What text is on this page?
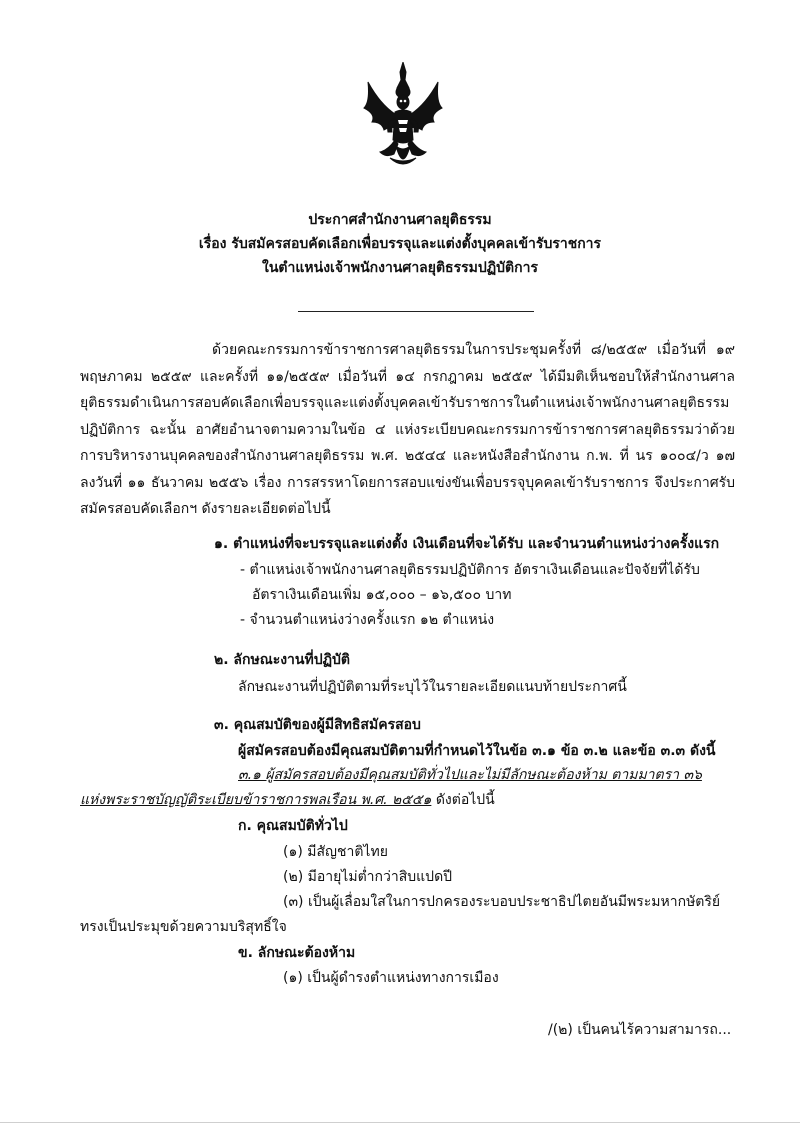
ประกาศสำนักงานศาลยุติธรรม
เรื่อง รับสมัครสอบคัดเลือกเพื่อบรรจุและแต่งตั้งบุคคลเข้ารับราชการ
ในตำแหน่งเจ้าพนักงานศาลยุติธรรมปฏิบัติการ
ด้วยคณะกรรมการข้าราชการศาลยุติธรรมในการประชุมครั้งที่ ๘/๒๕๕๙ เมื่อวันที่ ๑๙ พฤษภาคม ๒๕๕๙ และครั้งที่ ๑๑/๒๕๕๙ เมื่อวันที่ ๑๔ กรกฎาคม ๒๕๕๙ ได้มีมติเห็นชอบให้สำนักงานศาลยุติธรรมดำเนินการสอบคัดเลือกเพื่อบรรจุและแต่งตั้งบุคคลเข้ารับราชการในตำแหน่งเจ้าพนักงานศาลยุติธรรมปฏิบัติการ ฉะนั้น อาศัยอำนาจตามความในข้อ ๔ แห่งระเบียบคณะกรรมการข้าราชการศาลยุติธรรมว่าด้วยการบริหารงานบุคคลของสำนักงานศาลยุติธรรม พ.ศ. ๒๕๔๔ และหนังสือสำนักงาน ก.พ. ที่ นร ๑๐๐๔/ว ๑๗ ลงวันที่ ๑๑ ธันวาคม ๒๕๕๖ เรื่อง การสรรหาโดยการสอบแข่งขันเพื่อบรรจุบุคคลเข้ารับราชการ จึงประกาศรับสมัครสอบคัดเลือกฯ ดังรายละเอียดต่อไปนี้
๑. ตำแหน่งที่จะบรรจุและแต่งตั้ง เงินเดือนที่จะได้รับ และจำนวนตำแหน่งว่างครั้งแรก
- ตำแหน่งเจ้าพนักงานศาลยุติธรรมปฏิบัติการ อัตราเงินเดือนและปัจจัยที่ได้รับ
อัตราเงินเดือนเพิ่ม ๑๕,๐๐๐ – ๑๖,๕๐๐ บาท
- จำนวนตำแหน่งว่างครั้งแรก ๑๒ ตำแหน่ง
๒. ลักษณะงานที่ปฏิบัติ
ลักษณะงานที่ปฏิบัติตามที่ระบุไว้ในรายละเอียดแนบท้ายประกาศนี้
๓. คุณสมบัติของผู้มีสิทธิสมัครสอบ
ผู้สมัครสอบต้องมีคุณสมบัติตามที่กำหนดไว้ในข้อ ๓.๑ ข้อ ๓.๒ และข้อ ๓.๓ ดังนี้
๓.๑ ผู้สมัครสอบต้องมีคุณสมบัติทั่วไปและไม่มีลักษณะต้องห้าม ตามมาตรา ๓๖
แห่งพระราชบัญญัติระเบียบข้าราชการพลเรือน พ.ศ. ๒๕๕๑ ดังต่อไปนี้
ก. คุณสมบัติทั่วไป
(๑) มีสัญชาติไทย
(๒) มีอายุไม่ต่ำกว่าสิบแปดปี
(๓) เป็นผู้เลื่อมใสในการปกครองระบอบประชาธิปไตยอันมีพระมหากษัตริย์
ทรงเป็นประมุขด้วยความบริสุทธิ์ใจ
ข. ลักษณะต้องห้าม
(๑) เป็นผู้ดำรงตำแหน่งทางการเมือง
/(๒) เป็นคนไร้ความสามารถ...
